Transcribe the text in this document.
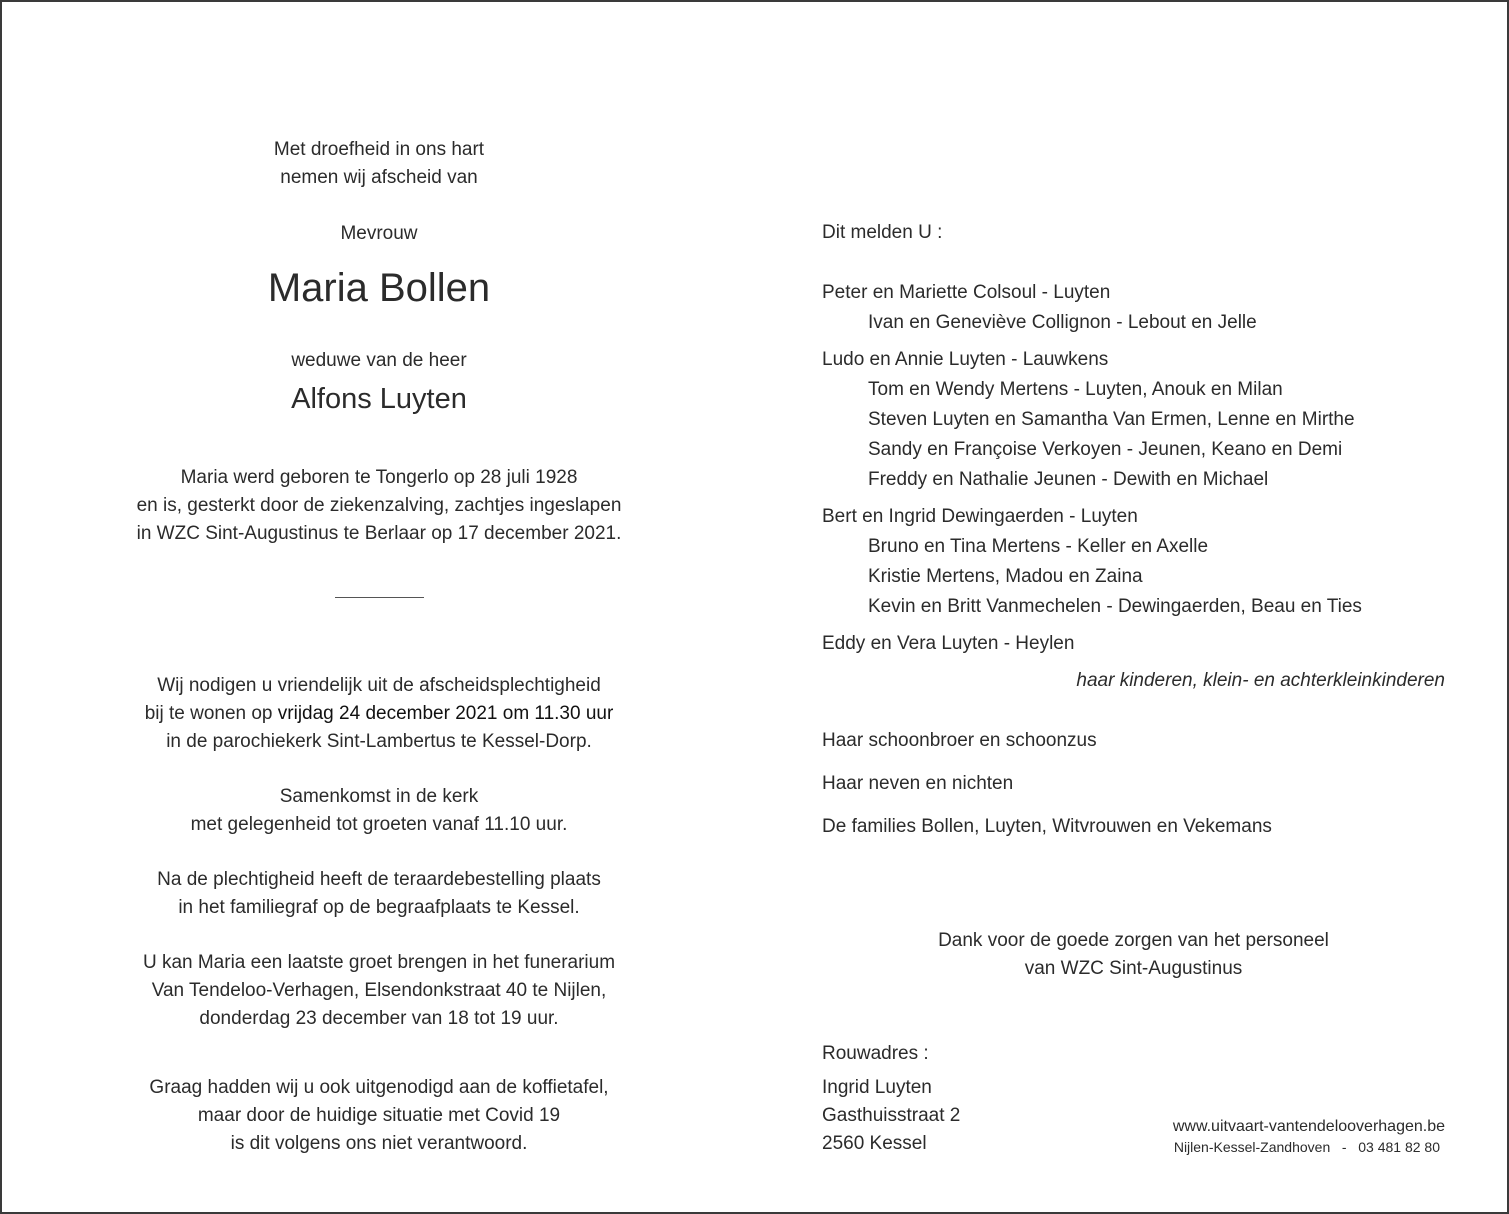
Met droefheid in ons hart
nemen wij afscheid van
Mevrouw
Maria Bollen
weduwe van de heer
Alfons Luyten
Maria werd geboren te Tongerlo op 28 juli 1928
en is, gesterkt door de ziekenzalving, zachtjes ingeslapen
in WZC Sint-Augustinus te Berlaar op 17 december 2021.
Wij nodigen u vriendelijk uit de afscheidsplechtigheid
bij te wonen op vrijdag 24 december 2021 om 11.30 uur
in de parochiekerk Sint-Lambertus te Kessel-Dorp.
Samenkomst in de kerk
met gelegenheid tot groeten vanaf 11.10 uur.
Na de plechtigheid heeft de teraardebestelling plaats
in het familiegraf op de begraafplaats te Kessel.
U kan Maria een laatste groet brengen in het funerarium
Van Tendeloo-Verhagen, Elsendonkstraat 40 te Nijlen,
donderdag 23 december van 18 tot 19 uur.
Graag hadden wij u ook uitgenodigd aan de koffietafel,
maar door de huidige situatie met Covid 19
is dit volgens ons niet verantwoord.
Dit melden U :
Peter en Mariette Colsoul - Luyten
Ivan en Geneviève Collignon - Lebout en Jelle
Ludo en Annie Luyten - Lauwkens
Tom en Wendy Mertens - Luyten, Anouk en Milan
Steven Luyten en Samantha Van Ermen, Lenne en Mirthe
Sandy en Françoise Verkoyen - Jeunen, Keano en Demi
Freddy en Nathalie Jeunen - Dewith en Michael
Bert en Ingrid Dewingaerden - Luyten
Bruno en Tina Mertens - Keller en Axelle
Kristie Mertens, Madou en Zaina
Kevin en Britt Vanmechelen - Dewingaerden, Beau en Ties
Eddy en Vera Luyten - Heylen
haar kinderen, klein- en achterkleinkinderen
Haar schoonbroer en schoonzus
Haar neven en nichten
De families Bollen, Luyten, Witvrouwen en Vekemans
Dank voor de goede zorgen van het personeel
van WZC Sint-Augustinus
Rouwadres :
Ingrid Luyten
Gasthuisstraat 2
2560 Kessel
www.uitvaart-vantendelooverhagen.be
Nijlen-Kessel-Zandhoven   -   03 481 82 80
